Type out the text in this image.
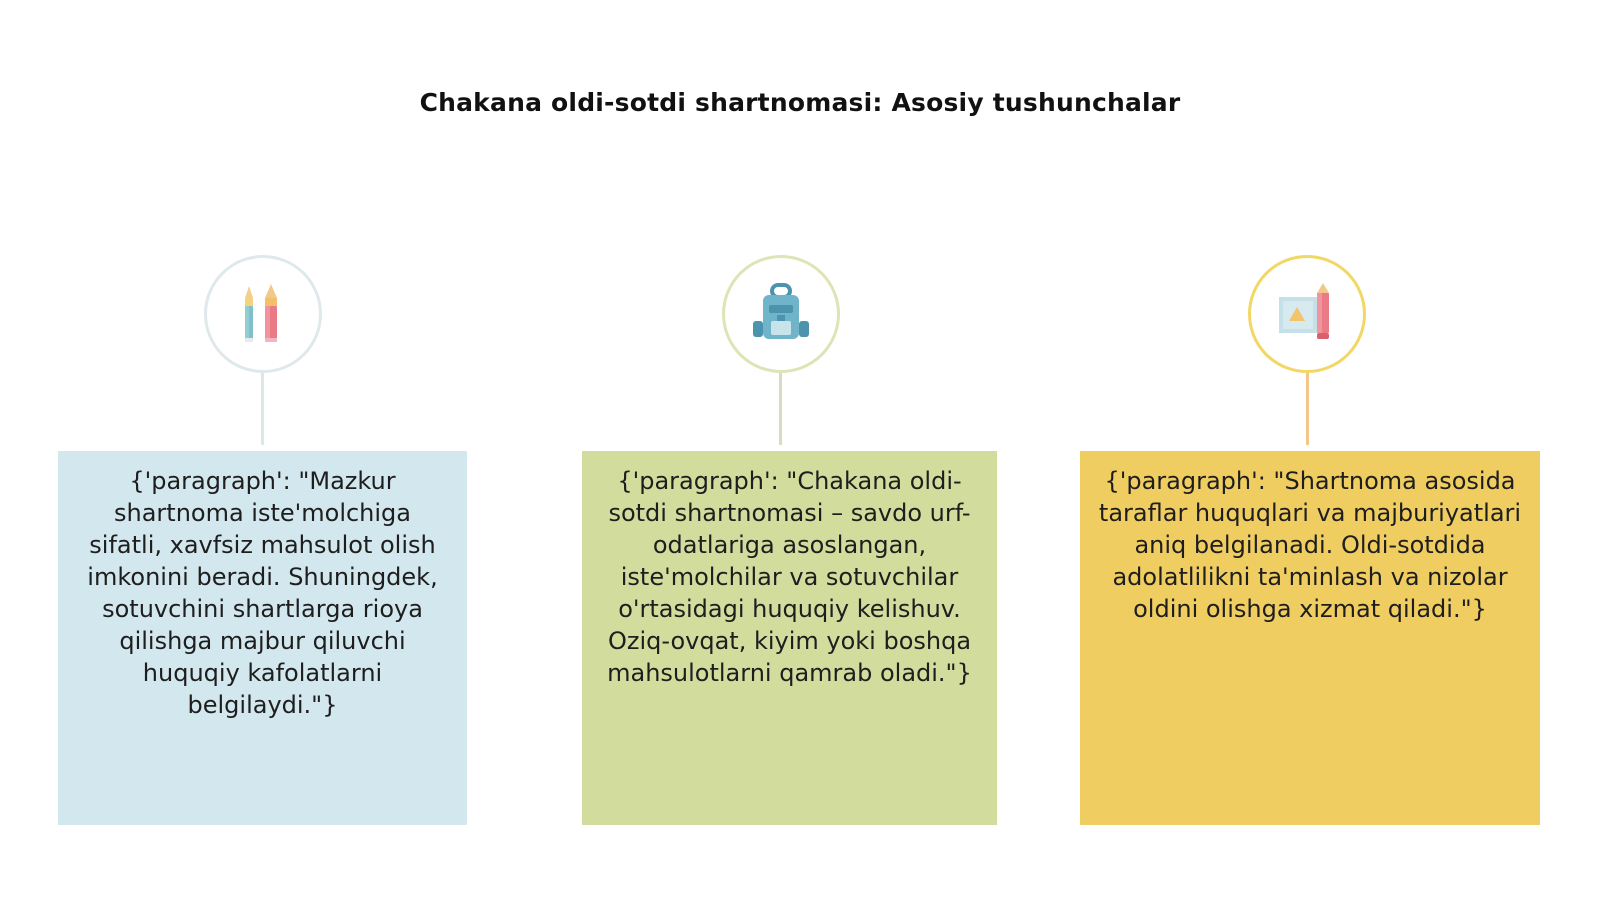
Chakana oldi-sotdi shartnomasi: Asosiy tushunchalar
{'paragraph': "Mazkur shartnoma iste'molchiga sifatli, xavfsiz mahsulot olish imkonini beradi. Shuningdek, sotuvchini shartlarga rioya qilishga majbur qiluvchi huquqiy kafolatlarni belgilaydi."}
{'paragraph': "Chakana oldi-sotdi shartnomasi – savdo urf-odatlariga asoslangan, iste'molchilar va sotuvchilar o'rtasidagi huquqiy kelishuv. Oziq-ovqat, kiyim yoki boshqa mahsulotlarni qamrab oladi."}
{'paragraph': "Shartnoma asosida taraflar huquqlari va majburiyatlari aniq belgilanadi. Oldi-sotdida adolatlilikni ta'minlash va nizolar oldini olishga xizmat qiladi."}
